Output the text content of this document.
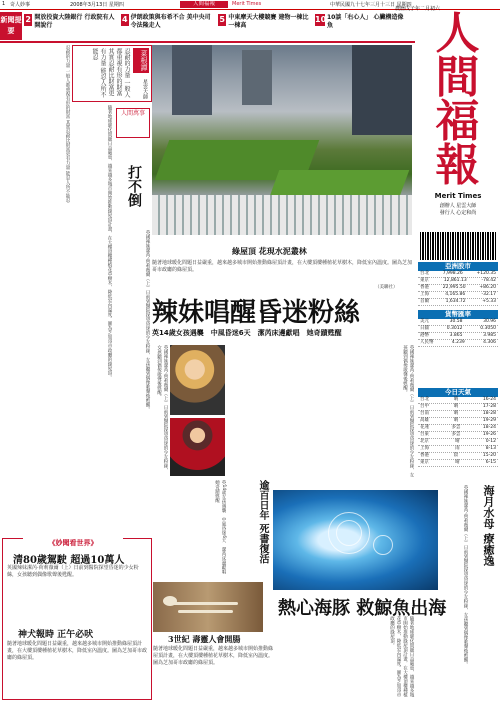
1 奇人妙事	2008年3月13日 星期四	Merit Times	中華民國九十七年三月十三日 星期四
農曆戊子年二月初六
人間福報
新聞提要
2 開放投資大陸銀行 行政院有人開說行
4 伊朗政策與布希不合 美中央司令法隆走人
5 中東摩天大樓競賽 建物一棟比一棟高
10 10談「右心人」 心臟構造像魚	人
間
福
報
Merit Times
創辦人 星雲大師
發行人 心定和尚
忍耐的力量 一般人都重視有形的財富 其實忍耐比財富更有力量 能忍人所不能忍	菜根譚
星雲大師
忍耐的力量 一般人都重視有形的財富 其實忍耐比財富更有力量 能忍人所不能忍	隨著地球暖化問題日益嚴重，越來越多城市開始推動綠屋頂計畫，在大樓頂樓種植花草樹木，降低室內溫度。圖為芝加哥市政廳的綠屋頂。	人間萬事
打不倒
英國辣妹潔芮·荷莉薇爾（上）日前到醫院探望昏迷的少女粉絲，女孩聽到偶像歌聲後甦醒。	綠屋頂 花現水泥叢林
隨著地球暖化問題日益嚴重，越來越多城市開始推動綠屋頂計畫，在大樓頂樓種植花草樹木，降低室內溫度。圖為芝加哥市政廳的綠屋頂。
（美聯社）
辣妹唱醒昏迷粉絲
英14歲女孩遇襲　中風昏迷6天　潔芮床邊獻唱　她奇蹟甦醒
英國辣妹潔芮·荷莉薇爾（上）日前到醫院探望昏迷的少女粉絲，女孩聽到偶像歌聲後甦醒。	英國辣妹潔芮·荷莉薇爾（上）日前到醫院探望昏迷的少女粉絲，女孩聽到偶像歌聲後甦醒。
逾百日年 死書復活
英14歲女孩遇襲　中風昏迷6天　潔芮床邊獻唱　她奇蹟甦醒
熱心海豚 救鯨魚出海
隨著地球暖化問題日益嚴重，越來越多城市開始推動綠屋頂計畫，在大樓頂樓種植花草樹木，降低室內溫度。圖為芝加哥市政廳的綠屋頂。
3世紀 壽靈人會開腸
隨著地球暖化問題日益嚴重，越來越多城市開始推動綠屋頂計畫，在大樓頂樓種植花草樹木，降低室內溫度。圖為芝加哥市政廳的綠屋頂。
《妙聞看世界》
清80歲駕駛 超過10萬人
英國辣妹潔芮·荷莉薇爾（上）日前到醫院探望昏迷的少女粉絲，女孩聽到偶像歌聲後甦醒。
神犬報時 正午必吠
隨著地球暖化問題日益嚴重，越來越多城市開始推動綠屋頂計畫，在大樓頂樓種植花草樹木，降低室內溫度。圖為芝加哥市政廳的綠屋頂。
亞洲股市
台北	7,998.26	+120.35
東京	12,861.13	-78.42
香港	22,995.50	+86.20
上海	4,165.86	-32.17
首爾	1,634.72	+5.33
貨幣匯率
美元	30.58	30.96
日圓	0.3012	0.3050
港幣	3.865	3.985
人民幣	4.239	4.306
今日天氣
台北	晴	16-24
台中	晴	17-28
台南	晴	18-28
高雄	晴	19-29
花蓮	多雲	18-24
台東	多雲	19-26
北京	晴	0-12
上海	雨	8-13
香港	陰	15-20
東京	晴	6-15
海月水母 療癒逸
英國辣妹潔芮·荷莉薇爾（上）日前到醫院探望昏迷的少女粉絲，女孩聽到偶像歌聲後甦醒。
